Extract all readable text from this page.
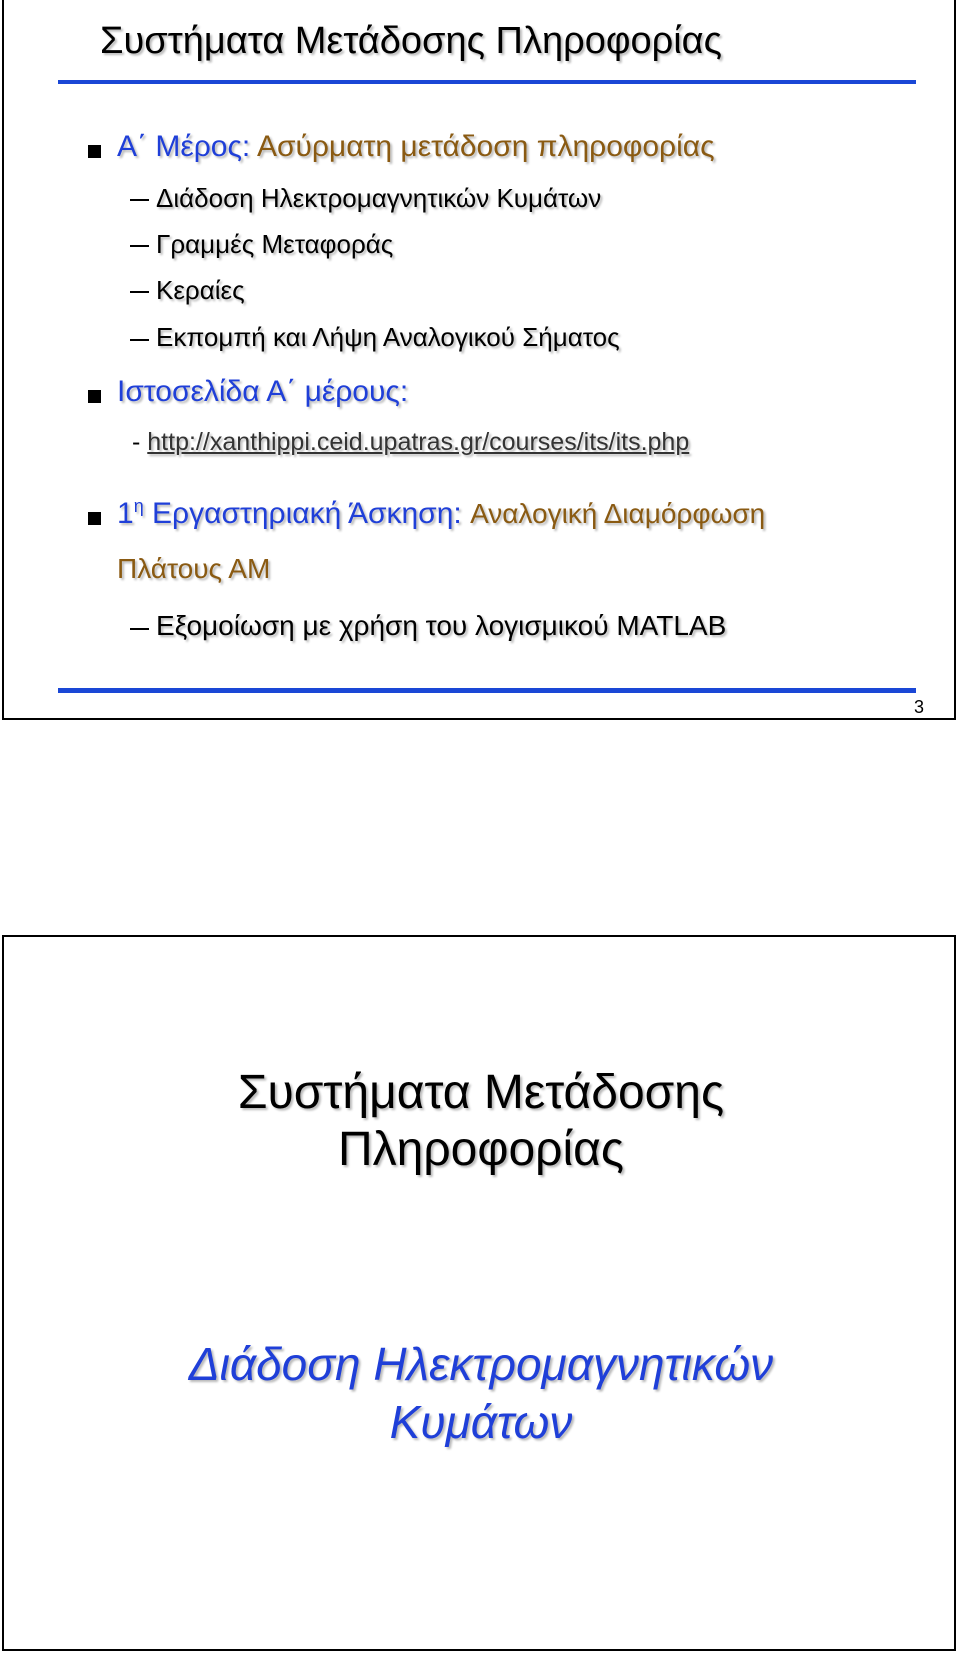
Συστήματα Μετάδοσης Πληροφορίας
Α΄ Μέρος: Ασύρματη μετάδοση πληροφορίας
Διάδοση Ηλεκτρομαγνητικών Κυμάτων
Γραμμές Μεταφοράς
Κεραίες
Εκπομπή και Λήψη Αναλογικού Σήματος
Ιστοσελίδα Α΄ μέρους:
- http://xanthippi.ceid.upatras.gr/courses/its/its.php
$1^\eta$ Εργαστηριακή Άσκηση: Αναλογική Διαμόρφωση
Πλάτους ΑΜ
Εξομοίωση με χρήση του λογισμικού MATLAB
3
Συστήματα Μετάδοσης
Πληροφορίας
Διάδοση Ηλεκτρομαγνητικών
Κυμάτων
